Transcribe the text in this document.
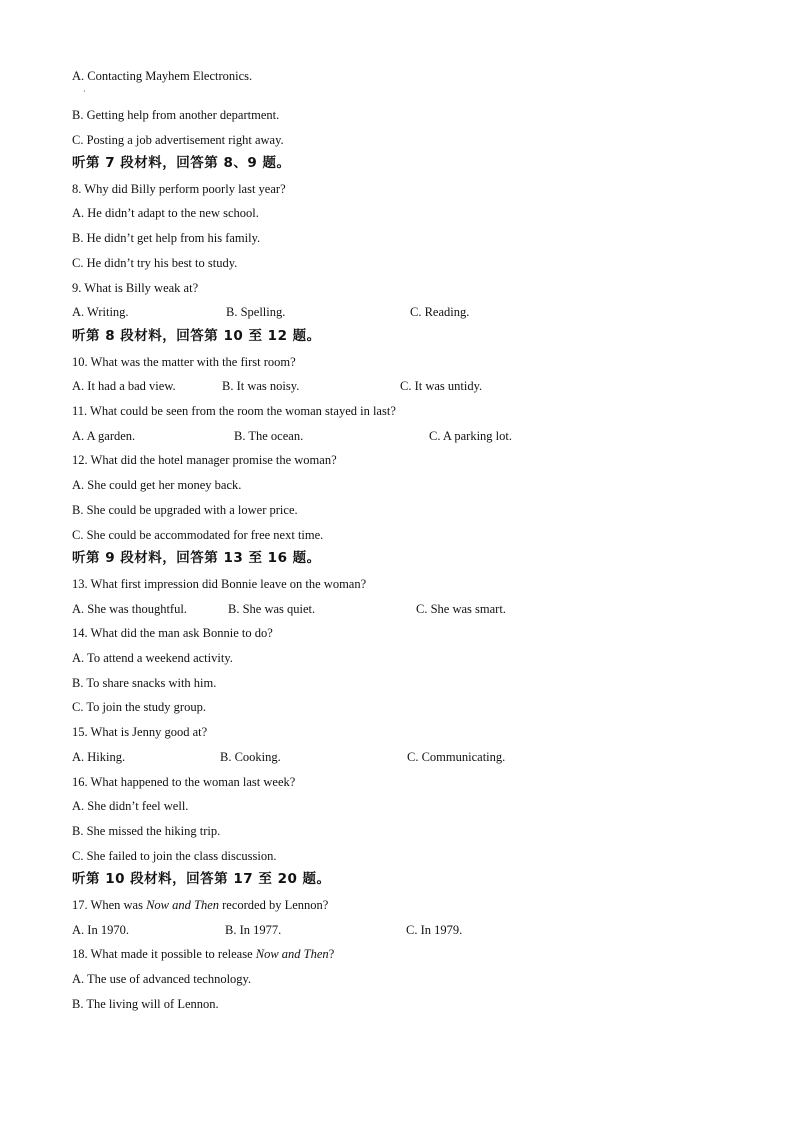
A. Contacting Mayhem Electronics.
·
B. Getting help from another department.
C. Posting a job advertisement right away.
听第 7 段材料，回答第 8、9 题。
8. Why did Billy perform poorly last year?
A. He didn’t adapt to the new school.
B. He didn’t get help from his family.
C. He didn’t try his best to study.
9. What is Billy weak at?
A. Writing.	B. Spelling.	C. Reading.
听第 8 段材料，回答第 10 至 12 题。
10. What was the matter with the first room?
A. It had a bad view.	B. It was noisy.	C. It was untidy.
11. What could be seen from the room the woman stayed in last?
A. A garden.	B. The ocean.	C. A parking lot.
12. What did the hotel manager promise the woman?
A. She could get her money back.
B. She could be upgraded with a lower price.
C. She could be accommodated for free next time.
听第 9 段材料，回答第 13 至 16 题。
13. What first impression did Bonnie leave on the woman?
A. She was thoughtful.	B. She was quiet.	C. She was smart.
14. What did the man ask Bonnie to do?
A. To attend a weekend activity.
B. To share snacks with him.
C. To join the study group.
15. What is Jenny good at?
A. Hiking.	B. Cooking.	C. Communicating.
16. What happened to the woman last week?
A. She didn’t feel well.
B. She missed the hiking trip.
C. She failed to join the class discussion.
听第 10 段材料，回答第 17 至 20 题。
17. When was Now and Then recorded by Lennon?
A. In 1970.	B. In 1977.	C. In 1979.
18. What made it possible to release Now and Then?
A. The use of advanced technology.
B. The living will of Lennon.
